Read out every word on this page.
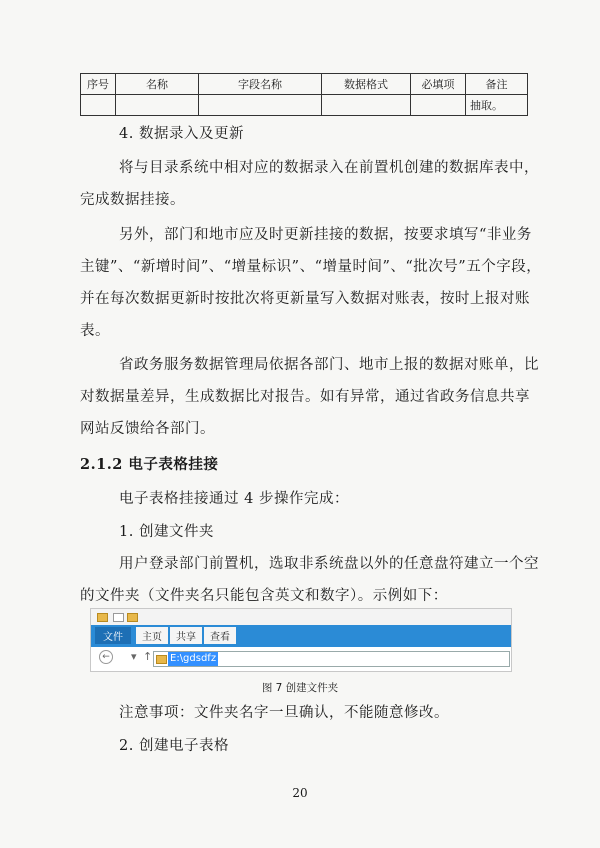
序号	名称	字段名称	数据格式	必填项	备注
					抽取。
4. 数据录入及更新
将与目录系统中相对应的数据录入在前置机创建的数据库表中，
完成数据挂接。
另外，部门和地市应及时更新挂接的数据，按要求填写“非业务
主键”、“新增时间”、“增量标识”、“增量时间”、“批次号”五个字段，
并在每次数据更新时按批次将更新量写入数据对账表，按时上报对账
表。
省政务服务数据管理局依据各部门、地市上报的数据对账单，比
对数据量差异，生成数据比对报告。如有异常，通过省政务信息共享
网站反馈给各部门。
2.1.2 电子表格挂接
电子表格挂接通过 4 步操作完成：
1. 创建文件夹
用户登录部门前置机，选取非系统盘以外的任意盘符建立一个空
的文件夹（文件夹名只能包含英文和数字）。示例如下：
文件	主页	共享	查看
← ▾ ↑ E:\gdsdfz
图 7 创建文件夹
注意事项：文件夹名字一旦确认，不能随意修改。
2. 创建电子表格
20
